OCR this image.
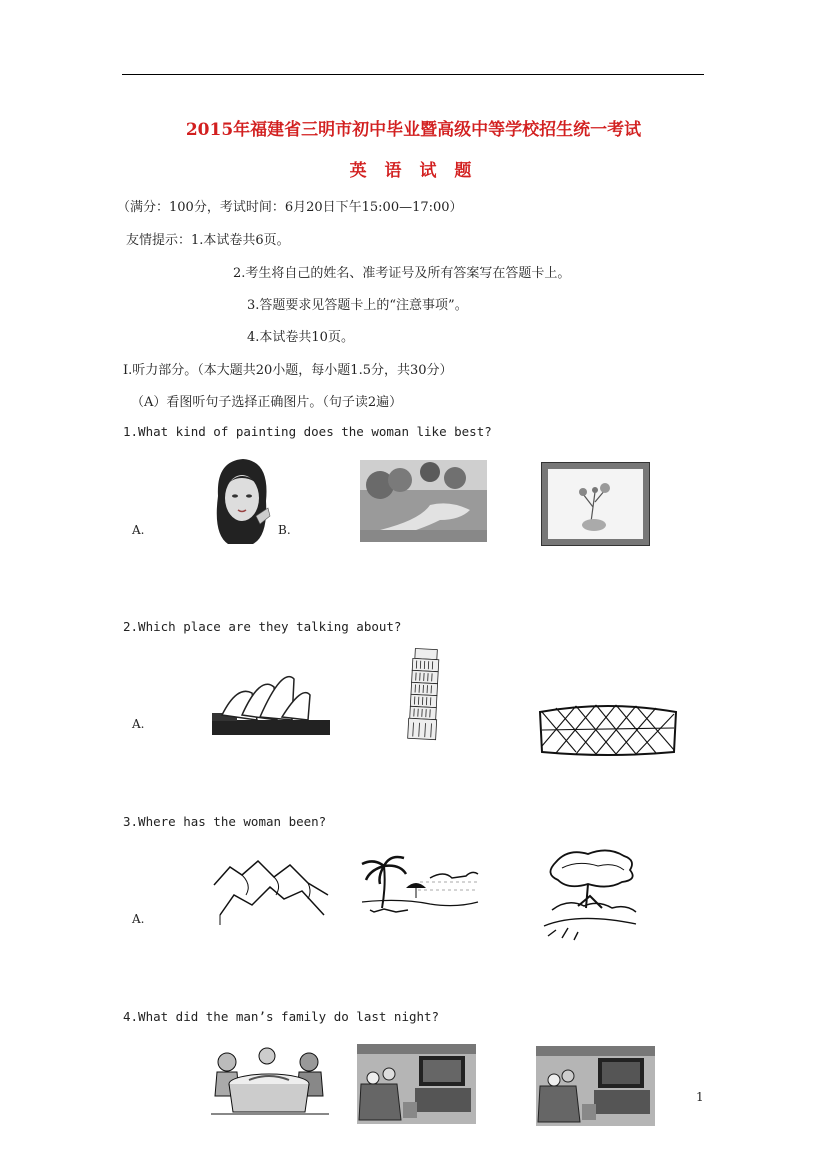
2015年福建省三明市初中毕业暨高级中等学校招生统一考试
英 语 试 题
（满分：100分，考试时间：6月20日下午15:00—17:00）
友情提示：1.本试卷共6页。
2.考生将自己的姓名、准考证号及所有答案写在答题卡上。
3.答题要求见答题卡上的“注意事项”。
4.本试卷共10页。
I.听力部分。（本大题共20小题，每小题1.5分，共30分）
（A）看图听句子选择正确图片。（句子读2遍）
1.What kind of painting does the woman like best?
A.	B.
2.Which place are they talking about?
A.
3.Where has the woman been?
A.
4.What did the man’s family do last night?
1
